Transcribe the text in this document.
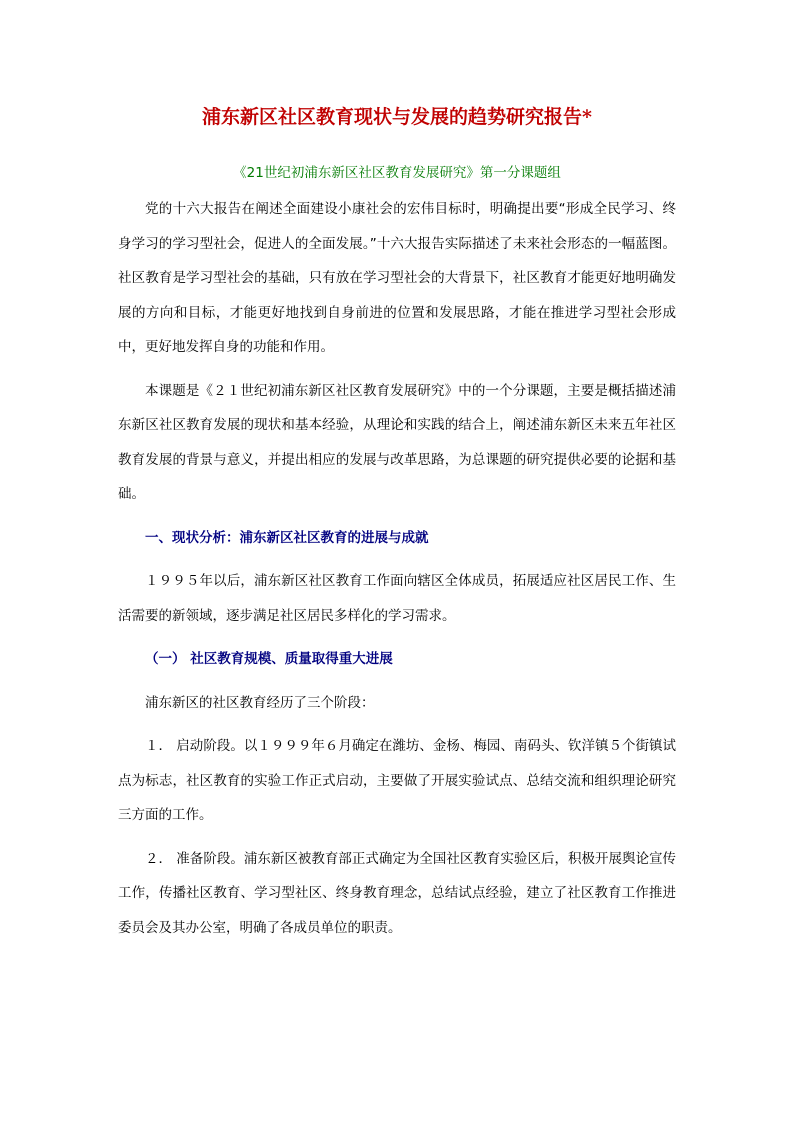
浦东新区社区教育现状与发展的趋势研究报告*
《21世纪初浦东新区社区教育发展研究》第一分课题组

党的十六大报告在阐述全面建设小康社会的宏伟目标时，明确提出要“形成全民学习、终身学习的学习型社会，促进人的全面发展。”十六大报告实际描述了未来社会形态的一幅蓝图。社区教育是学习型社会的基础，只有放在学习型社会的大背景下，社区教育才能更好地明确发展的方向和目标，才能更好地找到自身前进的位置和发展思路，才能在推进学习型社会形成中，更好地发挥自身的功能和作用。

本课题是《２１世纪初浦东新区社区教育发展研究》中的一个分课题，主要是概括描述浦东新区社区教育发展的现状和基本经验，从理论和实践的结合上，阐述浦东新区未来五年社区教育发展的背景与意义，并提出相应的发展与改革思路，为总课题的研究提供必要的论据和基础。

一、现状分析：浦东新区社区教育的进展与成就

１９９５年以后，浦东新区社区教育工作面向辖区全体成员，拓展适应社区居民工作、生活需要的新领域，逐步满足社区居民多样化的学习需求。

（一） 社区教育规模、质量取得重大进展

浦东新区的社区教育经历了三个阶段：

１． 启动阶段。以１９９９年６月确定在潍坊、金杨、梅园、南码头、钦洋镇５个街镇试点为标志，社区教育的实验工作正式启动，主要做了开展实验试点、总结交流和组织理论研究三方面的工作。

２． 准备阶段。浦东新区被教育部正式确定为全国社区教育实验区后，积极开展舆论宣传工作，传播社区教育、学习型社区、终身教育理念，总结试点经验，建立了社区教育工作推进委员会及其办公室，明确了各成员单位的职责。
